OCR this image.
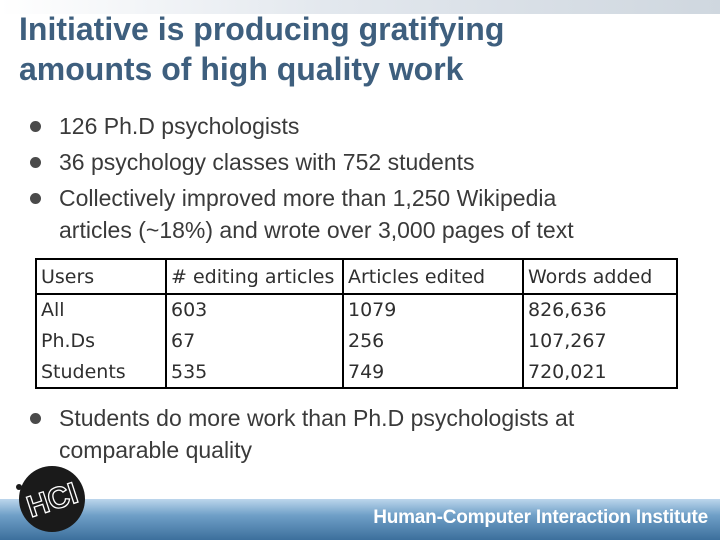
Initiative is producing gratifying
amounts of high quality work
126 Ph.D psychologists
36 psychology classes with 752 students
Collectively improved more than 1,250 Wikipedia
articles (~18%) and wrote over 3,000 pages of text
Users	# editing articles	Articles edited	Words added
All	603	1079	826,636
Ph.Ds	67	256	107,267
Students	535	749	720,021
Students do more work than Ph.D psychologists at
comparable quality
HCI	Human-Computer Interaction Institute
